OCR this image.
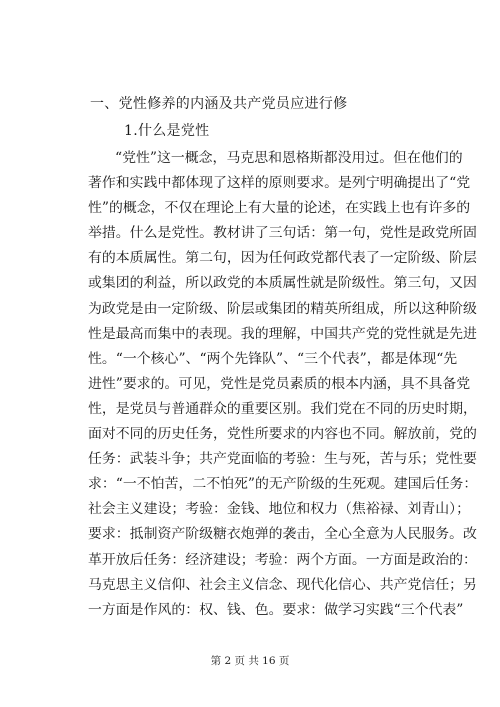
一、党性修养的内涵及共产党员应进行修
1.什么是党性
“党性”这一概念，马克思和恩格斯都没用过。但在他们的
著作和实践中都体现了这样的原则要求。是列宁明确提出了“党
性”的概念，不仅在理论上有大量的论述，在实践上也有许多的
举措。什么是党性。教材讲了三句话：第一句，党性是政党所固
有的本质属性。第二句，因为任何政党都代表了一定阶级、阶层
或集团的利益，所以政党的本质属性就是阶级性。第三句，又因
为政党是由一定阶级、阶层或集团的精英所组成，所以这种阶级
性是最高而集中的表现。我的理解，中国共产党的党性就是先进
性。“一个核心”、“两个先锋队”、“三个代表”，都是体现“先
进性”要求的。可见，党性是党员素质的根本内涵，具不具备党
性，是党员与普通群众的重要区别。我们党在不同的历史时期，
面对不同的历史任务，党性所要求的内容也不同。解放前，党的
任务：武装斗争；共产党面临的考验：生与死，苦与乐；党性要
求：“一不怕苦，二不怕死”的无产阶级的生死观。建国后任务：
社会主义建设；考验：金钱、地位和权力（焦裕禄、刘青山）；
要求：抵制资产阶级糖衣炮弹的袭击，全心全意为人民服务。改
革开放后任务：经济建设；考验：两个方面。一方面是政治的：
马克思主义信仰、社会主义信念、现代化信心、共产党信任；另
一方面是作风的：权、钱、色。要求：做学习实践“三个代表”
第 2 页 共 16 页
